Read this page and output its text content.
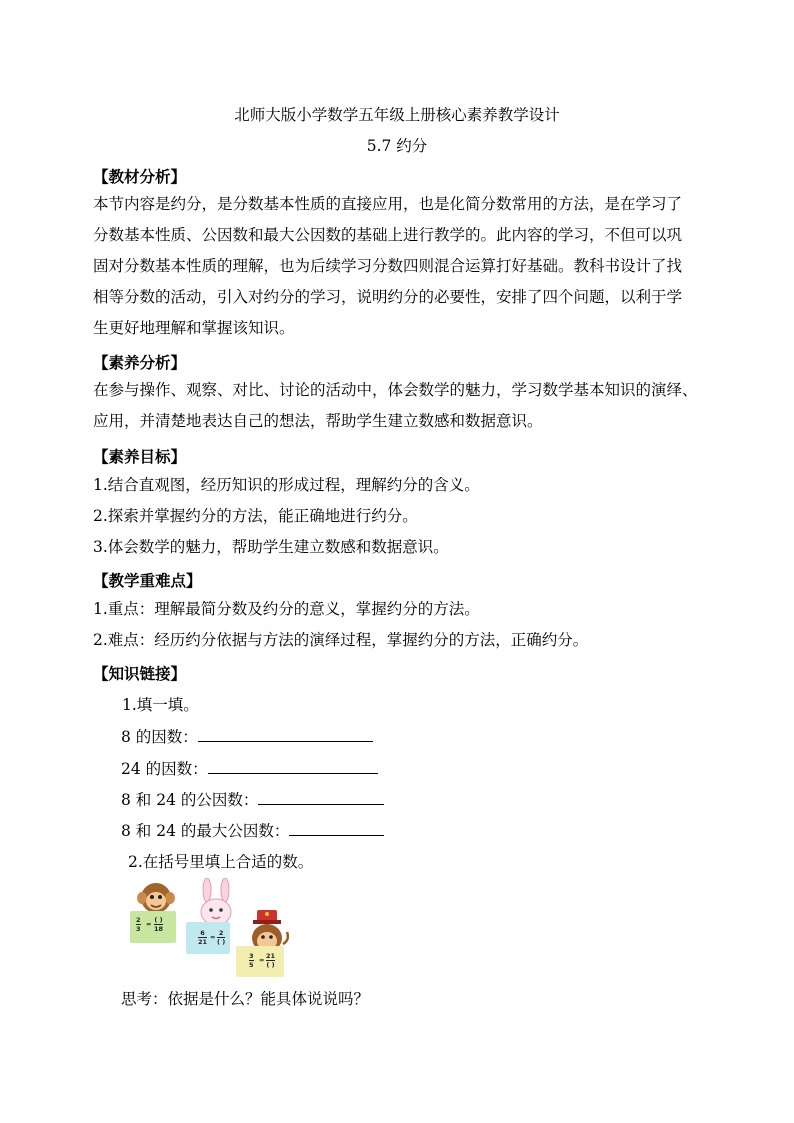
北师大版小学数学五年级上册核心素养教学设计
5.7 约分
【教材分析】
本节内容是约分，是分数基本性质的直接应用，也是化简分数常用的方法，是在学习了
分数基本性质、公因数和最大公因数的基础上进行教学的。此内容的学习，不但可以巩
固对分数基本性质的理解，也为后续学习分数四则混合运算打好基础。教科书设计了找
相等分数的活动，引入对约分的学习，说明约分的必要性，安排了四个问题，以利于学
生更好地理解和掌握该知识。
【素养分析】
在参与操作、观察、对比、讨论的活动中，体会数学的魅力，学习数学基本知识的演绎、
应用，并清楚地表达自己的想法，帮助学生建立数感和数据意识。
【素养目标】
1.结合直观图，经历知识的形成过程，理解约分的含义。
2.探索并掌握约分的方法，能正确地进行约分。
3.体会数学的魅力，帮助学生建立数感和数据意识。
【教学重难点】
1.重点：理解最简分数及约分的意义，掌握约分的方法。
2.难点：经历约分依据与方法的演绎过程，掌握约分的方法，正确约分。
【知识链接】
1.填一填。
8 的因数：
24 的因数：
8 和 24 的公因数：
8 和 24 的最大公因数：
2.在括号里填上合适的数。
2
3
= ( )
18	6
21
= 2
( )
3
5
= 21
( )
思考：依据是什么？能具体说说吗？
